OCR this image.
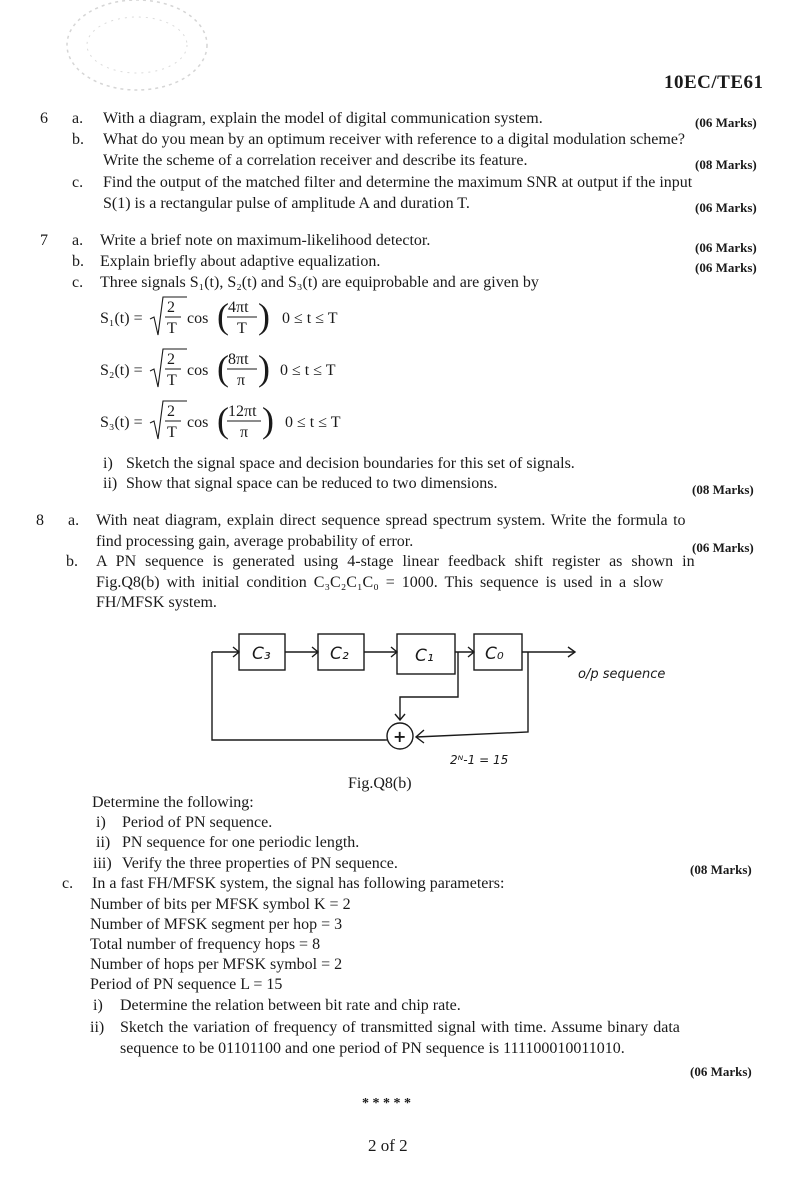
10EC/TE61
6 a. With a diagram, explain the model of digital communication system.	(06 Marks)
b. What do you mean by an optimum receiver with reference to a digital modulation scheme?
Write the scheme of a correlation receiver and describe its feature.	(08 Marks)
c. Find the output of the matched filter and determine the maximum SNR at output if the input
S(1) is a rectangular pulse of amplitude A and duration T.	(06 Marks)
7 a. Write a brief note on maximum-likelihood detector.	(06 Marks)
b. Explain briefly about adaptive equalization.	(06 Marks)
c. Three signals S₁(t), S₂(t) and S₃(t) are equiprobable and are given by
S₁(t) =
2
T
cos ( 4πt
T ) 0 ≤ t ≤ T
S₂(t) =
2
T
cos ( 8πt
π ) 0 ≤ t ≤ T
S₃(t) =
2
T
cos ( 12πt
π ) 0 ≤ t ≤ T
i) Sketch the signal space and decision boundaries for this set of signals.
ii) Show that signal space can be reduced to two dimensions.	(08 Marks)
8 a. With neat diagram, explain direct sequence spread spectrum system. Write the formula to
find processing gain, average probability of error.	(06 Marks)
b. A PN sequence is generated using 4-stage linear feedback shift register as shown in
Fig.Q8(b) with initial condition C₃C₂C₁C₀ = 1000. This sequence is used in a slow
FH/MFSK system.
C₃	C₂	C₁	C₀
+
o/p sequence
2ᴺ-1 = 15
Fig.Q8(b)
Determine the following:
i) Period of PN sequence.
ii) PN sequence for one periodic length.
iii) Verify the three properties of PN sequence.	(08 Marks)
c. In a fast FH/MFSK system, the signal has following parameters:
Number of bits per MFSK symbol K = 2
Number of MFSK segment per hop = 3
Total number of frequency hops = 8
Number of hops per MFSK symbol = 2
Period of PN sequence L = 15
i) Determine the relation between bit rate and chip rate.
ii) Sketch the variation of frequency of transmitted signal with time. Assume binary data
sequence to be 01101100 and one period of PN sequence is 111100010011010.
(06 Marks)
* * * * *
2 of 2
